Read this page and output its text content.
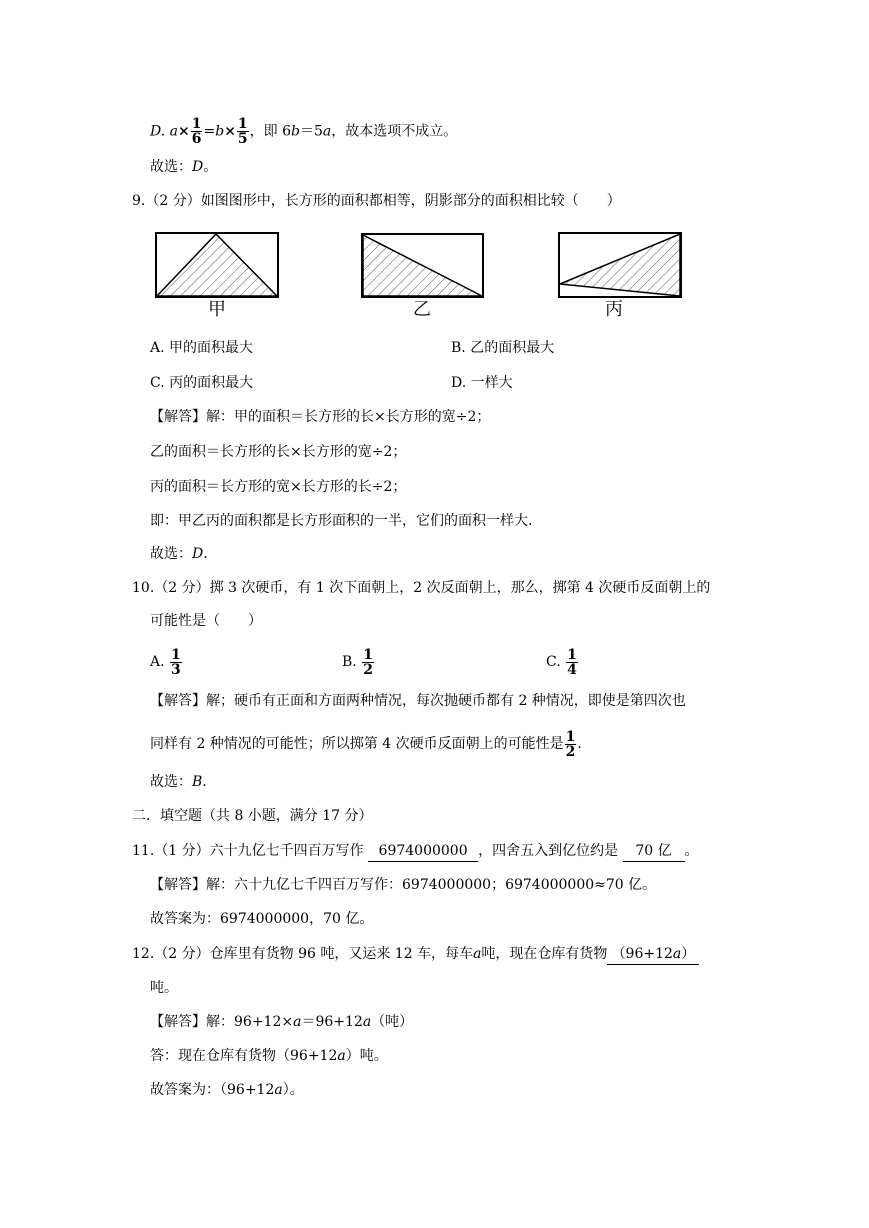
D. $a\times \frac{1}{6} =b\times \frac{1}{5}$ ，即 6b＝5a，故本选项不成立。
故选：D。
9.（2 分）如图图形中，长方形的面积都相等，阴影部分的面积相比较（　　）
甲	乙	丙
A. 甲的面积最大	B. 乙的面积最大
C. 丙的面积最大	D. 一样大
【解答】解：甲的面积＝长方形的长×长方形的宽÷2；
乙的面积＝长方形的长×长方形的宽÷2；
丙的面积＝长方形的宽×长方形的长÷2；
即：甲乙丙的面积都是长方形面积的一半，它们的面积一样大.
故选：D.
10.（2 分）掷 3 次硬币，有 1 次下面朝上，2 次反面朝上，那么，掷第 4 次硬币反面朝上的
可能性是（　　）
A. $\frac{1}{3}$	B. $\frac{1}{2}$	C. $\frac{1}{4}$
【解答】解；硬币有正面和方面两种情况，每次抛硬币都有 2 种情况，即使是第四次也
同样有 2 种情况的可能性；所以掷第 4 次硬币反面朝上的可能性是 $\frac{1}{2}$ .
故选：B.
二．填空题（共 8 小题，满分 17 分）
11.（1 分）六十九亿七千四百万写作 6974000000 ，四舍五入到亿位约是 70 亿 。
【解答】解：六十九亿七千四百万写作：6974000000；6974000000≈70 亿。
故答案为：6974000000，70 亿。
12.（2 分）仓库里有货物 96 吨，又运来 12 车，每车a吨，现在仓库有货物 （96+12a）
吨。
【解答】解：96+12×a＝96+12a（吨）
答：现在仓库有货物（96+12a）吨。
故答案为：（96+12a）。
